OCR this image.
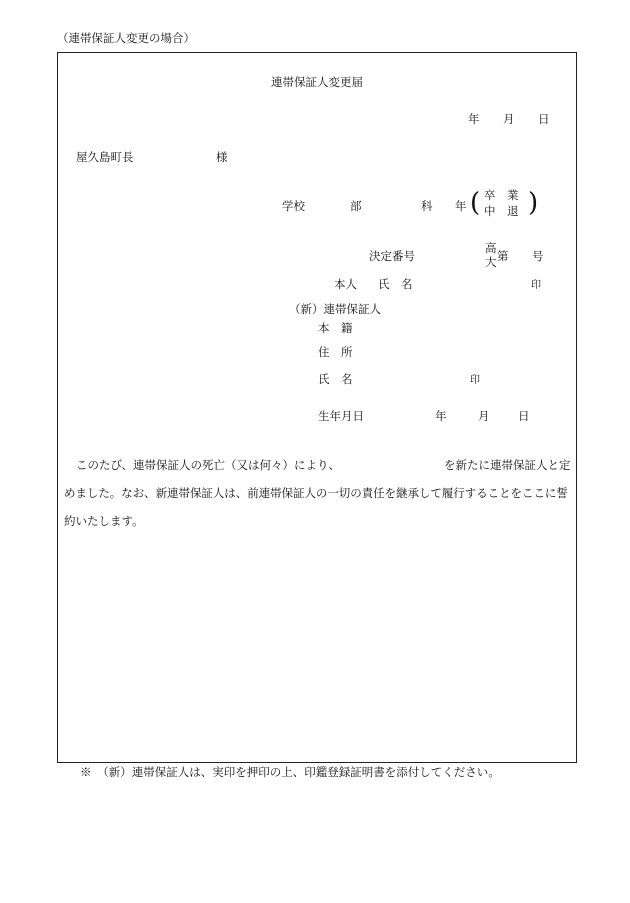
（連帯保証人変更の場合）
連帯保証人変更届
年 月 日
屋久島町長	様
学校	部	科 年 ( 卒　業
中　退 )
決定番号
高
大 第 号
本人 氏　名	印
（新）連帯保証人
本　籍
住　所
氏　名	印
生年月日	年	月 日
このたび、連帯保証人の死亡（又は何々）により、	を新たに連帯保証人と定
めました。なお、新連帯保証人は、前連帯保証人の一切の責任を継承して履行することをここに誓
約いたします。
※　（新）連帯保証人は、実印を押印の上、印鑑登録証明書を添付してください。
